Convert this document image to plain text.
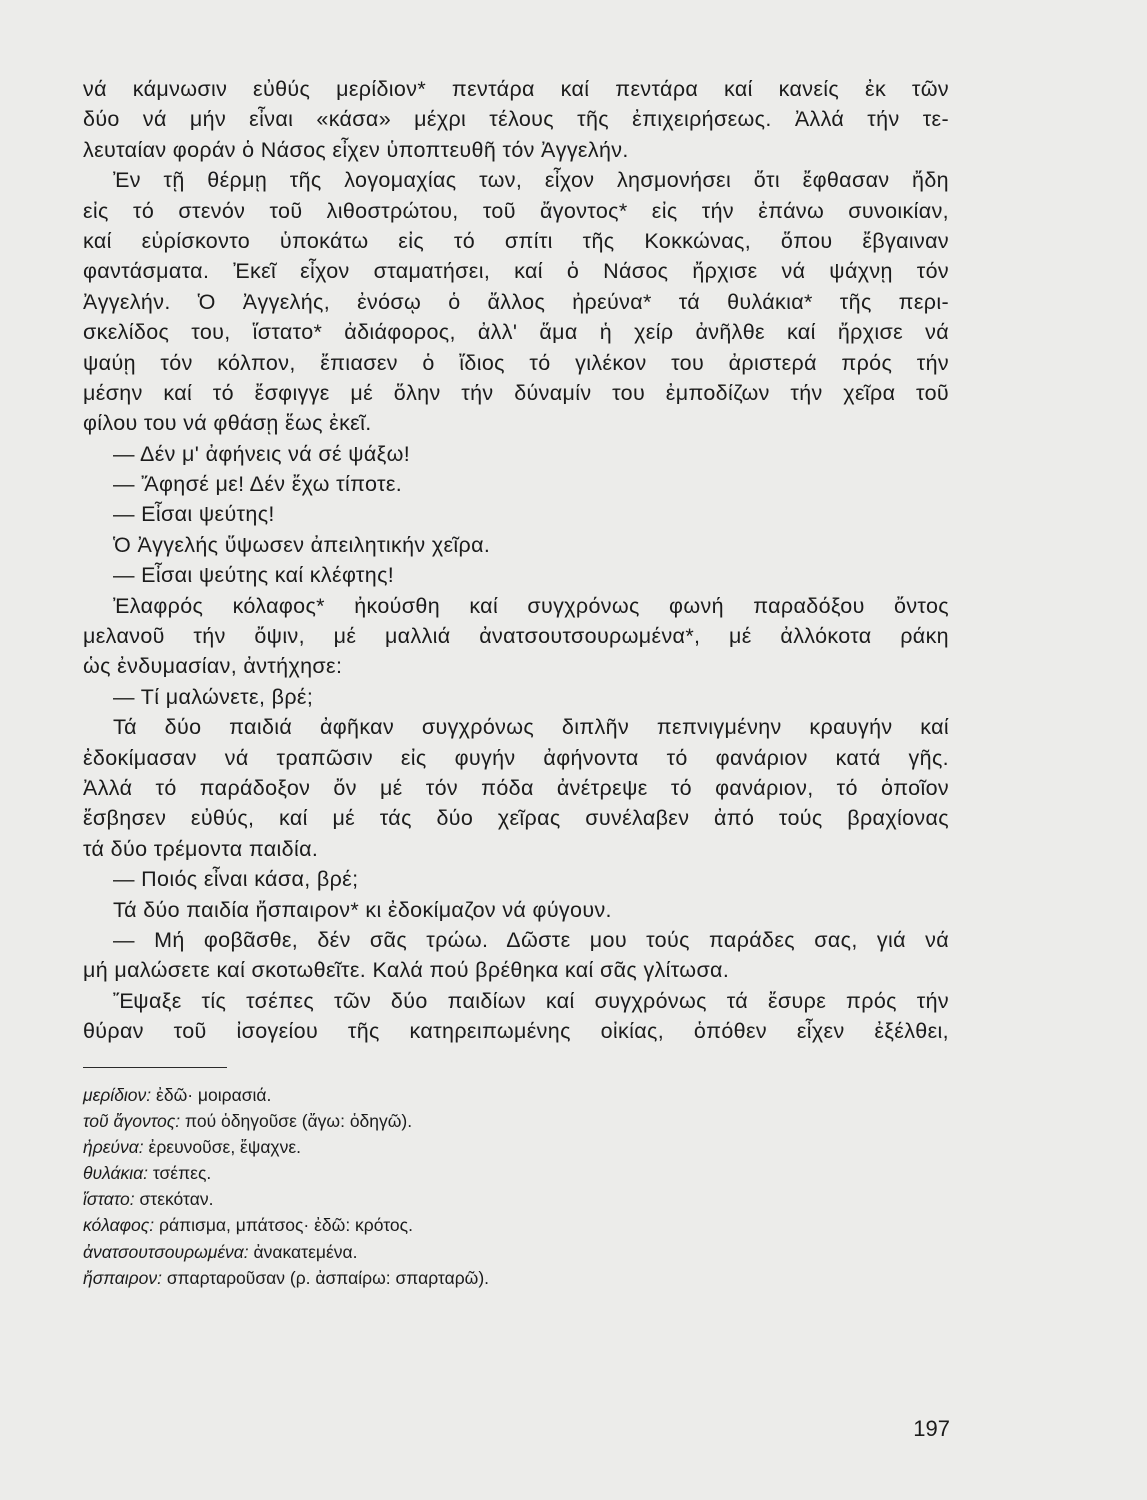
νά κάμνωσιν εὐθύς μερίδιον* πεντάρα καί πεντάρα καί κανείς ἐκ τῶν
δύο νά μήν εἶναι «κάσα» μέχρι τέλους τῆς ἐπιχειρήσεως. Ἀλλά τήν τε-
λευταίαν φοράν ὁ Νάσος εἶχεν ὑποπτευθῆ τόν Ἀγγελήν.
Ἐν τῇ θέρμῃ τῆς λογομαχίας των, εἶχον λησμονήσει ὅτι ἔφθασαν ἤδη
εἰς τό στενόν τοῦ λιθοστρώτου, τοῦ ἄγοντος* εἰς τήν ἐπάνω συνοικίαν,
καί εὑρίσκοντο ὑποκάτω εἰς τό σπίτι τῆς Κοκκώνας, ὅπου ἔβγαιναν
φαντάσματα. Ἐκεῖ εἶχον σταματήσει, καί ὁ Νάσος ἤρχισε νά ψάχνῃ τόν
Ἀγγελήν. Ὁ Ἀγγελής, ἐνόσῳ ὁ ἄλλος ἠρεύνα* τά θυλάκια* τῆς περι-
σκελίδος του, ἵστατο* ἀδιάφορος, ἀλλ' ἅμα ἡ χείρ ἀνῆλθε καί ἤρχισε νά
ψαύῃ τόν κόλπον, ἔπιασεν ὁ ἴδιος τό γιλέκον του ἀριστερά πρός τήν
μέσην καί τό ἔσφιγγε μέ ὅλην τήν δύναμίν του ἐμποδίζων τήν χεῖρα τοῦ
φίλου του νά φθάσῃ ἕως ἐκεῖ.
— Δέν μ' ἀφήνεις νά σέ ψάξω!
— Ἄφησέ με! Δέν ἔχω τίποτε.
— Εἶσαι ψεύτης!
Ὁ Ἀγγελής ὕψωσεν ἀπειλητικήν χεῖρα.
— Εἶσαι ψεύτης καί κλέφτης!
Ἐλαφρός κόλαφος* ἠκούσθη καί συγχρόνως φωνή παραδόξου ὄντος
μελανοῦ τήν ὄψιν, μέ μαλλιά ἀνατσουτσουρωμένα*, μέ ἀλλόκοτα ράκη
ὡς ἐνδυμασίαν, ἀντήχησε:
— Τί μαλώνετε, βρέ;
Τά δύο παιδιά ἀφῆκαν συγχρόνως διπλῆν πεπνιγμένην κραυγήν καί
ἐδοκίμασαν νά τραπῶσιν εἰς φυγήν ἀφήνοντα τό φανάριον κατά γῆς.
Ἀλλά τό παράδοξον ὄν μέ τόν πόδα ἀνέτρεψε τό φανάριον, τό ὁποῖον
ἔσβησεν εὐθύς, καί μέ τάς δύο χεῖρας συνέλαβεν ἀπό τούς βραχίονας
τά δύο τρέμοντα παιδία.
— Ποιός εἶναι κάσα, βρέ;
Τά δύο παιδία ἤσπαιρον* κι ἐδοκίμαζον νά φύγουν.
— Μή φοβᾶσθε, δέν σᾶς τρώω. Δῶστε μου τούς παράδες σας, γιά νά
μή μαλώσετε καί σκοτωθεῖτε. Καλά πού βρέθηκα καί σᾶς γλίτωσα.
Ἔψαξε τίς τσέπες τῶν δύο παιδίων καί συγχρόνως τά ἔσυρε πρός τήν
θύραν τοῦ ἰσογείου τῆς κατηρειπωμένης οἰκίας, ὁπόθεν εἶχεν ἐξέλθει,
μερίδιον: ἐδῶ· μοιρασιά.
τοῦ ἄγοντος: πού ὁδηγοῦσε (ἄγω: ὁδηγῶ).
ἠρεύνα: ἐρευνοῦσε, ἔψαχνε.
θυλάκια: τσέπες.
ἵστατο: στεκόταν.
κόλαφος: ράπισμα, μπάτσος· ἐδῶ: κρότος.
ἀνατσουτσουρωμένα: ἀνακατεμένα.
ἤσπαιρον: σπαρταροῦσαν (ρ. ἀσπαίρω: σπαρταρῶ).
197
